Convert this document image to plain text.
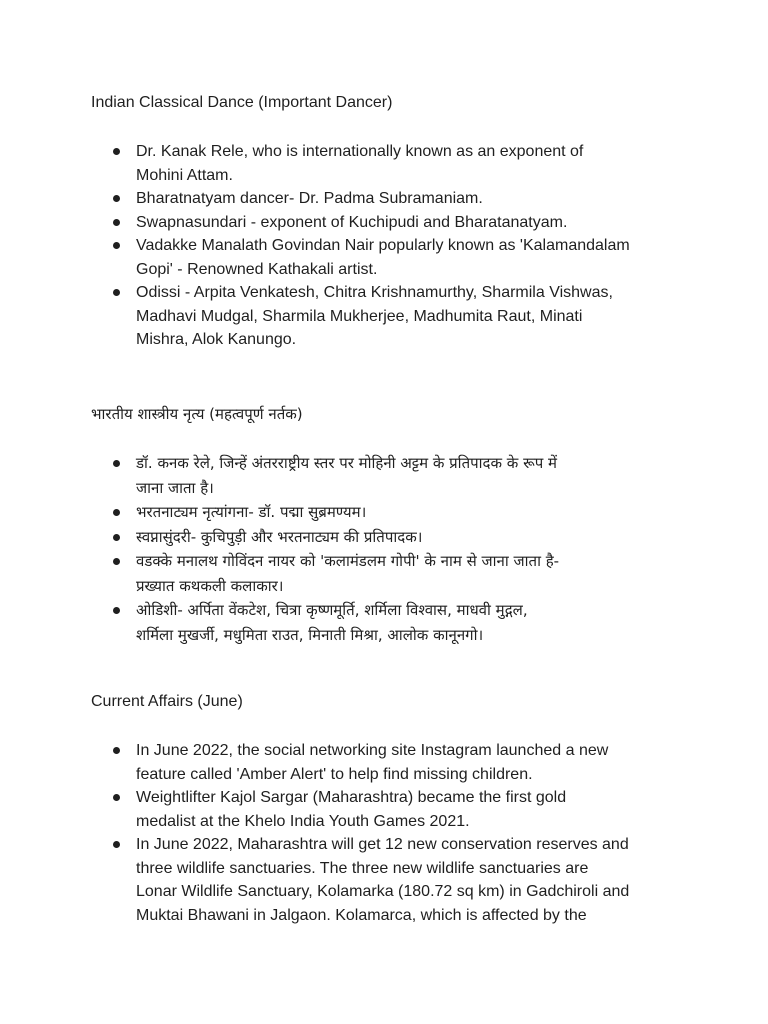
Indian Classical Dance (Important Dancer)
Dr. Kanak Rele, who is internationally known as an exponent of
Mohini Attam.
Bharatnatyam dancer- Dr. Padma Subramaniam.
Swapnasundari - exponent of Kuchipudi and Bharatanatyam.
Vadakke Manalath Govindan Nair popularly known as 'Kalamandalam
Gopi' - Renowned Kathakali artist.
Odissi - Arpita Venkatesh, Chitra Krishnamurthy, Sharmila Vishwas,
Madhavi Mudgal, Sharmila Mukherjee, Madhumita Raut, Minati
Mishra, Alok Kanungo.
भारतीय शास्त्रीय नृत्य (महत्वपूर्ण नर्तक)
डॉ. कनक रेले, जिन्हें अंतरराष्ट्रीय स्तर पर मोहिनी अट्टम के प्रतिपादक के रूप में
जाना जाता है।
भरतनाट्यम नृत्यांगना- डॉ. पद्मा सुब्रमण्यम।
स्वप्नासुंदरी- कुचिपुड़ी और भरतनाट्यम की प्रतिपादक।
वडक्के मनालथ गोविंदन नायर को 'कलामंडलम गोपी' के नाम से जाना जाता है-
प्रख्यात कथकली कलाकार।
ओडिशी- अर्पिता वेंकटेश, चित्रा कृष्णमूर्ति, शर्मिला विश्वास, माधवी मुद्गल,
शर्मिला मुखर्जी, मधुमिता राउत, मिनाती मिश्रा, आलोक कानूनगो।
Current Affairs (June)
In June 2022, the social networking site Instagram launched a new
feature called 'Amber Alert' to help find missing children.
Weightlifter Kajol Sargar (Maharashtra) became the first gold
medalist at the Khelo India Youth Games 2021.
In June 2022, Maharashtra will get 12 new conservation reserves and
three wildlife sanctuaries. The three new wildlife sanctuaries are
Lonar Wildlife Sanctuary, Kolamarka (180.72 sq km) in Gadchiroli and
Muktai Bhawani in Jalgaon. Kolamarca, which is affected by the
